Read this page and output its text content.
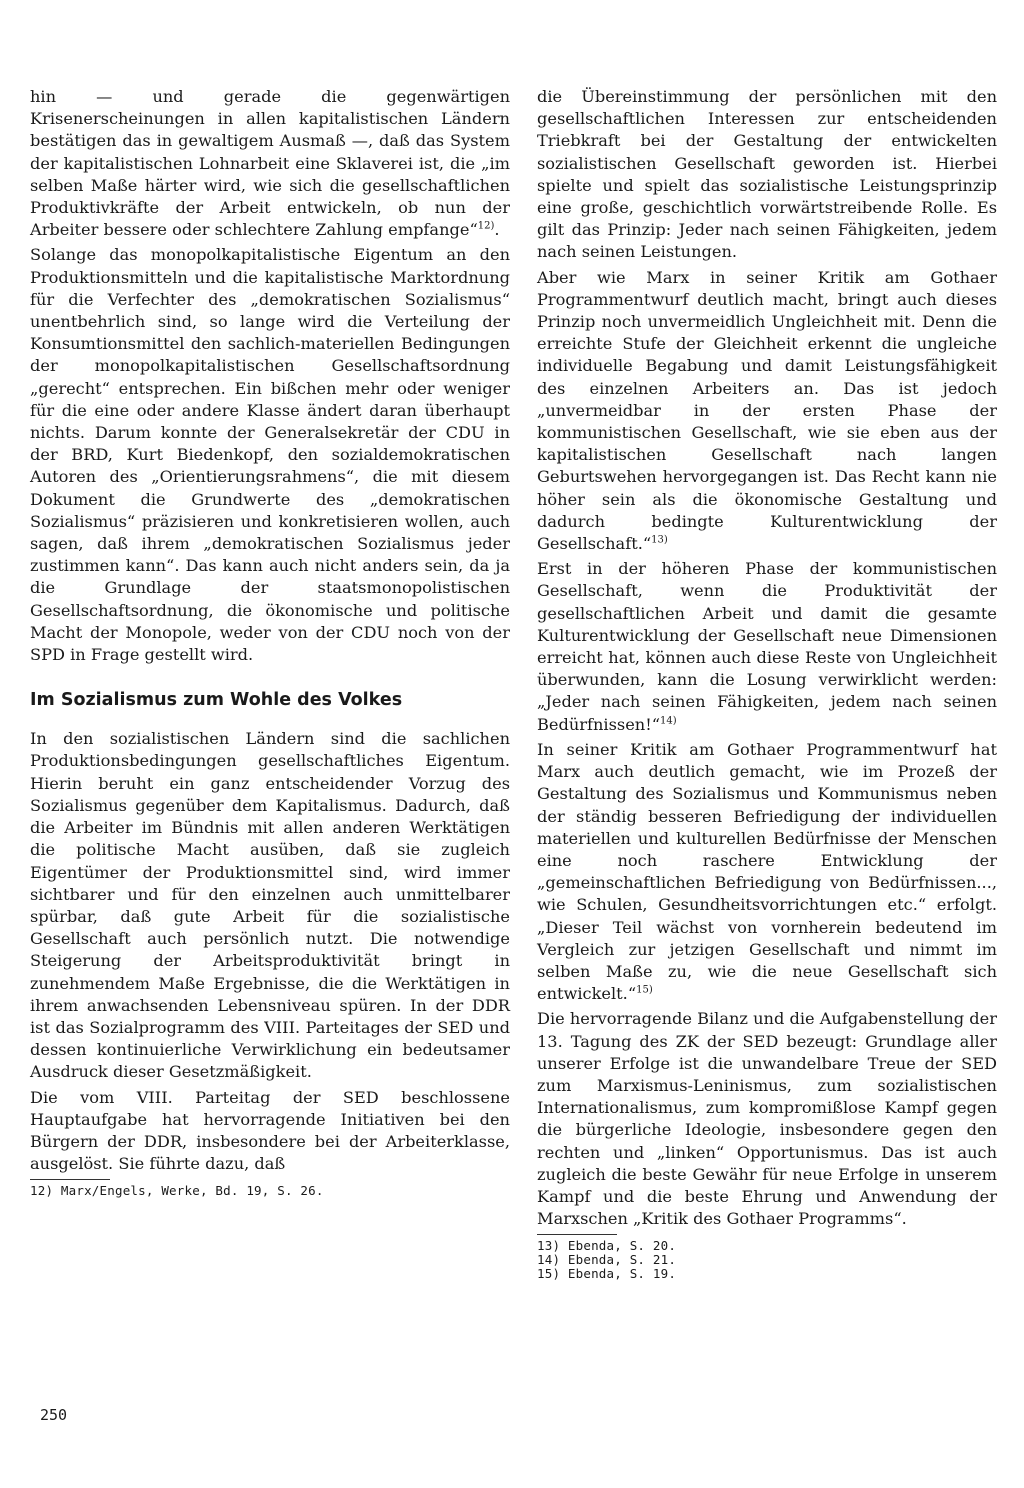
hin — und gerade die gegenwärtigen Krisenerscheinungen in allen kapitalistischen Ländern bestätigen das in gewaltigem Ausmaß —, daß das System der kapitalistischen Lohnarbeit eine Sklaverei ist, die „im selben Maße härter wird, wie sich die gesellschaftlichen Produktivkräfte der Arbeit entwickeln, ob nun der Arbeiter bessere oder schlechtere Zahlung empfange“$^{12)}$.

Solange das monopolkapitalistische Eigentum an den Produktionsmitteln und die kapitalistische Marktordnung für die Verfechter des „demokratischen Sozialismus“ unentbehrlich sind, so lange wird die Verteilung der Konsumtionsmittel den sachlich-materiellen Bedingungen der monopolkapitalistischen Gesellschaftsordnung „gerecht“ entsprechen. Ein bißchen mehr oder weniger für die eine oder andere Klasse ändert daran überhaupt nichts. Darum konnte der Generalsekretär der CDU in der BRD, Kurt Biedenkopf, den sozialdemokratischen Autoren des „Orientierungsrahmens“, die mit diesem Dokument die Grundwerte des „demokratischen Sozialismus“ präzisieren und konkretisieren wollen, auch sagen, daß ihrem „demokratischen Sozialismus jeder zustimmen kann“. Das kann auch nicht anders sein, da ja die Grundlage der staatsmonopolistischen Gesellschaftsordnung, die ökonomische und politische Macht der Monopole, weder von der CDU noch von der SPD in Frage gestellt wird.

Im Sozialismus zum Wohle des Volkes

In den sozialistischen Ländern sind die sachlichen Produktionsbedingungen gesellschaftliches Eigentum. Hierin beruht ein ganz entscheidender Vorzug des Sozialismus gegenüber dem Kapitalismus. Dadurch, daß die Arbeiter im Bündnis mit allen anderen Werktätigen die politische Macht ausüben, daß sie zugleich Eigentümer der Produktionsmittel sind, wird immer sichtbarer und für den einzelnen auch unmittelbarer spürbar, daß gute Arbeit für die sozialistische Gesellschaft auch persönlich nutzt. Die notwendige Steigerung der Arbeitsproduktivität bringt in zunehmendem Maße Ergebnisse, die die Werktätigen in ihrem anwachsenden Lebensniveau spüren. In der DDR ist das Sozialprogramm des VIII. Parteitages der SED und dessen kontinuierliche Verwirklichung ein bedeutsamer Ausdruck dieser Gesetzmäßigkeit.

Die vom VIII. Parteitag der SED beschlossene Hauptaufgabe hat hervorragende Initiativen bei den Bürgern der DDR, insbesondere bei der Arbeiterklasse, ausgelöst. Sie führte dazu, daß

12) Marx/Engels, Werke, Bd. 19, S. 26.

die Übereinstimmung der persönlichen mit den gesellschaftlichen Interessen zur entscheidenden Triebkraft bei der Gestaltung der entwickelten sozialistischen Gesellschaft geworden ist. Hierbei spielte und spielt das sozialistische Leistungsprinzip eine große, geschichtlich vorwärtstreibende Rolle. Es gilt das Prinzip: Jeder nach seinen Fähigkeiten, jedem nach seinen Leistungen.

Aber wie Marx in seiner Kritik am Gothaer Programmentwurf deutlich macht, bringt auch dieses Prinzip noch unvermeidlich Ungleichheit mit. Denn die erreichte Stufe der Gleichheit erkennt die ungleiche individuelle Begabung und damit Leistungsfähigkeit des einzelnen Arbeiters an. Das ist jedoch „unvermeidbar in der ersten Phase der kommunistischen Gesellschaft, wie sie eben aus der kapitalistischen Gesellschaft nach langen Geburtswehen hervorgegangen ist. Das Recht kann nie höher sein als die ökonomische Gestaltung und dadurch bedingte Kulturentwicklung der Gesellschaft.“$^{13)}$

Erst in der höheren Phase der kommunistischen Gesellschaft, wenn die Produktivität der gesellschaftlichen Arbeit und damit die gesamte Kulturentwicklung der Gesellschaft neue Dimensionen erreicht hat, können auch diese Reste von Ungleichheit überwunden, kann die Losung verwirklicht werden: „Jeder nach seinen Fähigkeiten, jedem nach seinen Bedürfnissen!“$^{14)}$

In seiner Kritik am Gothaer Programmentwurf hat Marx auch deutlich gemacht, wie im Prozeß der Gestaltung des Sozialismus und Kommunismus neben der ständig besseren Befriedigung der individuellen materiellen und kulturellen Bedürfnisse der Menschen eine noch raschere Entwicklung der „gemeinschaftlichen Befriedigung von Bedürfnissen..., wie Schulen, Gesundheitsvorrichtungen etc.“ erfolgt. „Dieser Teil wächst von vornherein bedeutend im Vergleich zur jetzigen Gesellschaft und nimmt im selben Maße zu, wie die neue Gesellschaft sich entwickelt.“$^{15)}$

Die hervorragende Bilanz und die Aufgabenstellung der 13. Tagung des ZK der SED bezeugt: Grundlage aller unserer Erfolge ist die unwandelbare Treue der SED zum Marxismus-Leninismus, zum sozialistischen Internationalismus, zum kompromißlose Kampf gegen die bürgerliche Ideologie, insbesondere gegen den rechten und „linken“ Opportunismus. Das ist auch zugleich die beste Gewähr für neue Erfolge in unserem Kampf und die beste Ehrung und Anwendung der Marxschen „Kritik des Gothaer Programms“.

13) Ebenda, S. 20.

14) Ebenda, S. 21.

15) Ebenda, S. 19.

250
